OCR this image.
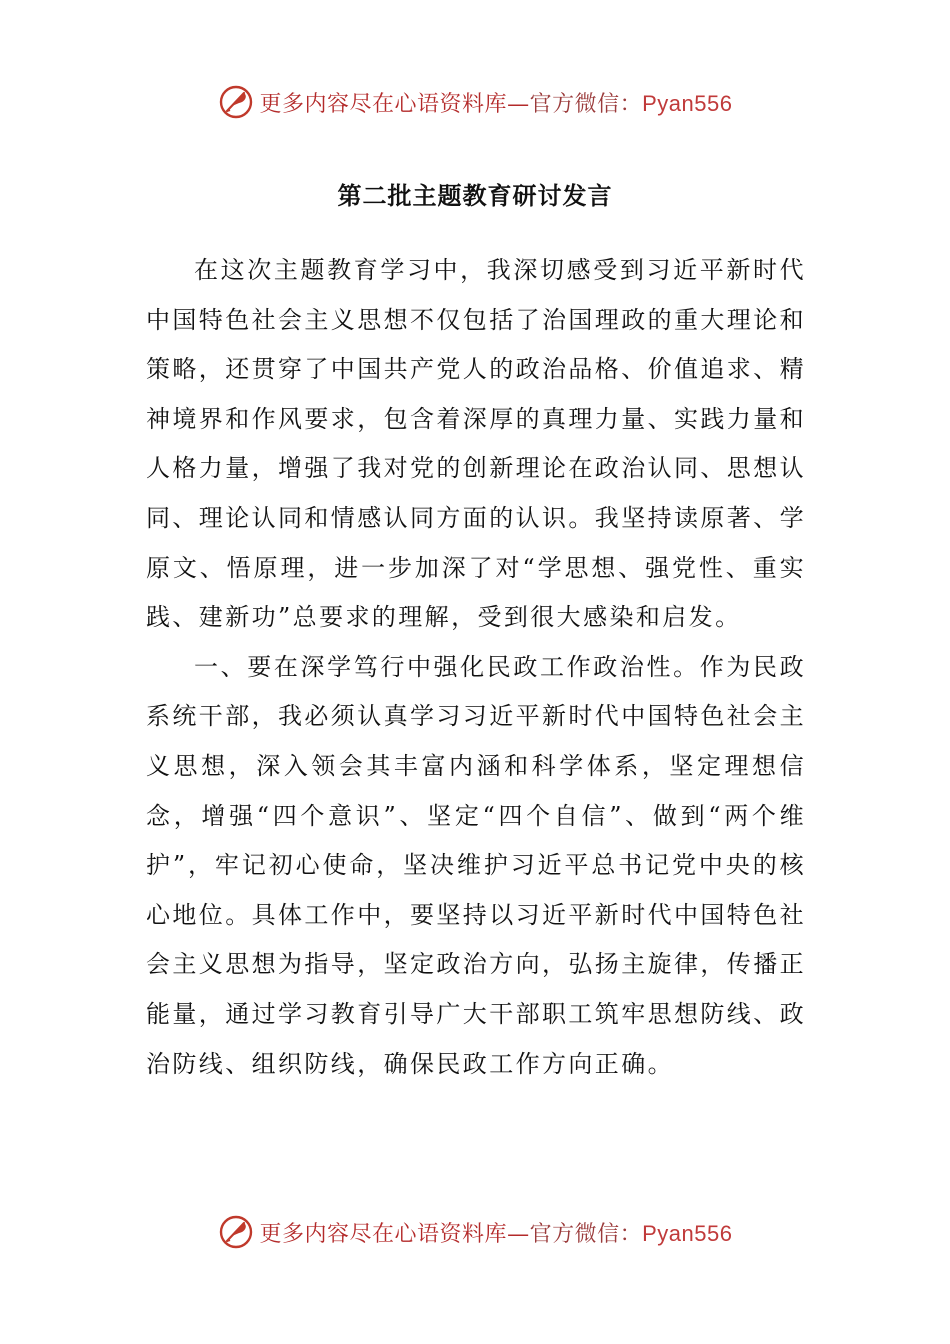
更多内容尽在心语资料库—官方微信：Pyan556
第二批主题教育研讨发言

在这次主题教育学习中，我深切感受到习近平新时代中国特色社会主义思想不仅包括了治国理政的重大理论和策略，还贯穿了中国共产党人的政治品格、价值追求、精神境界和作风要求，包含着深厚的真理力量、实践力量和人格力量，增强了我对党的创新理论在政治认同、思想认同、理论认同和情感认同方面的认识。我坚持读原著、学原文、悟原理，进一步加深了对“学思想、强党性、重实践、建新功”总要求的理解，受到很大感染和启发。

一、要在深学笃行中强化民政工作政治性。作为民政系统干部，我必须认真学习习近平新时代中国特色社会主义思想，深入领会其丰富内涵和科学体系，坚定理想信念，增强“四个意识”、坚定“四个自信”、做到“两个维护”，牢记初心使命，坚决维护习近平总书记党中央的核心地位。具体工作中，要坚持以习近平新时代中国特色社会主义思想为指导，坚定政治方向，弘扬主旋律，传播正能量，通过学习教育引导广大干部职工筑牢思想防线、政治防线、组织防线，确保民政工作方向正确。

更多内容尽在心语资料库—官方微信：Pyan556
